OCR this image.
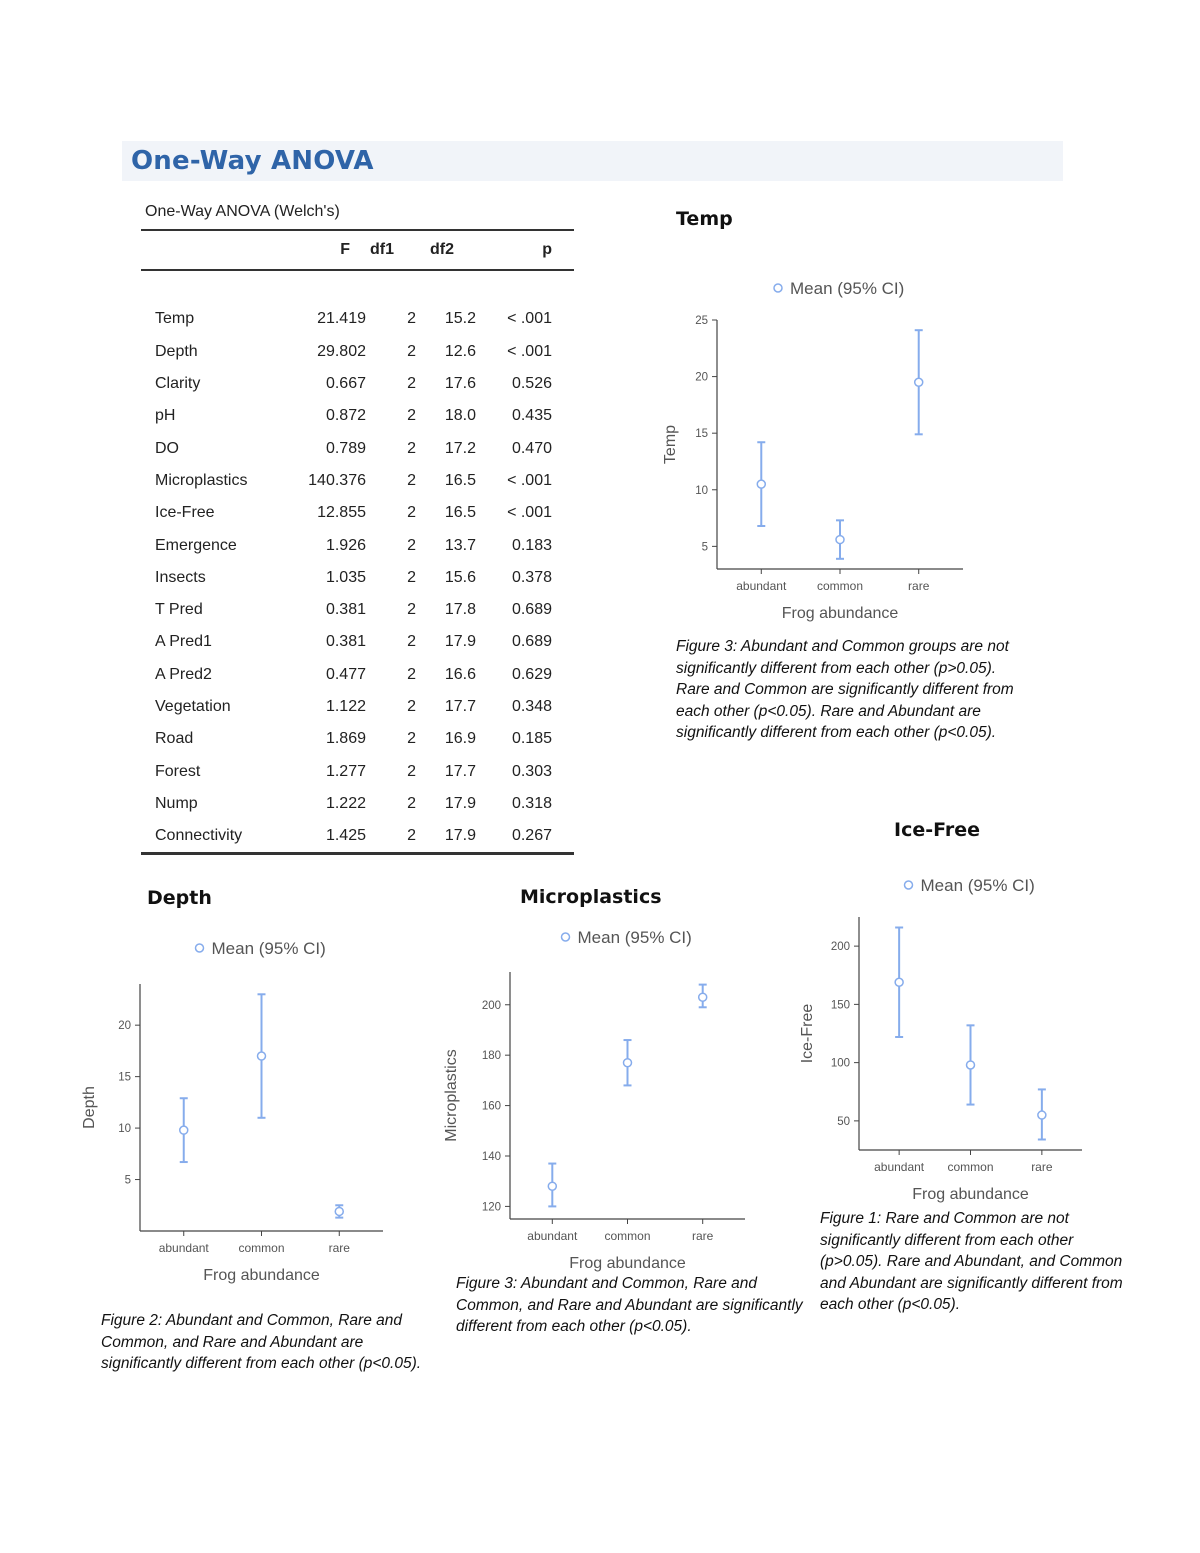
One-Way ANOVA
One-Way ANOVA (Welch's)
	F	df1	df2	p

Temp	21.419	2	15.2	< .001
Depth	29.802	2	12.6	< .001
Clarity	0.667	2	17.6	0.526
pH	0.872	2	18.0	0.435
DO	0.789	2	17.2	0.470
Microplastics	140.376	2	16.5	< .001
Ice-Free	12.855	2	16.5	< .001
Emergence	1.926	2	13.7	0.183
Insects	1.035	2	15.6	0.378
T Pred	0.381	2	17.8	0.689
A Pred1	0.381	2	17.9	0.689
A Pred2	0.477	2	16.6	0.629
Vegetation	1.122	2	17.7	0.348
Road	1.869	2	16.9	0.185
Forest	1.277	2	17.7	0.303
Nump	1.222	2	17.9	0.318
Connectivity	1.425	2	17.9	0.267
Temp
Mean (95% CI)
5
10
15
20
25
abundant	common	rare
Frog abundance
Temp
Figure 3: Abundant and Common groups are not significantly different from each other (p>0.05). Rare and Common are significantly different from each other (p<0.05). Rare and Abundant are significantly different from each other (p<0.05).
Ice-Free
Mean (95% CI)
50
100
150
200
abundant common	rare
Frog abundance
Ice-Free
Figure 1: Rare and Common are not significantly different from each other (p>0.05). Rare and Abundant, and Common and Abundant are significantly different from each other (p<0.05).
Depth
Mean (95% CI)
5
10
15
20
abundant common	rare
Frog abundance
Depth
Figure 2: Abundant and Common, Rare and Common, and Rare and Abundant are significantly different from each other (p<0.05).
Microplastics
Mean (95% CI)
120
140
160
180
200
abundant common	rare
Frog abundance
Microplastics
Figure 3: Abundant and Common, Rare and Common, and Rare and Abundant are significantly different from each other (p<0.05).
